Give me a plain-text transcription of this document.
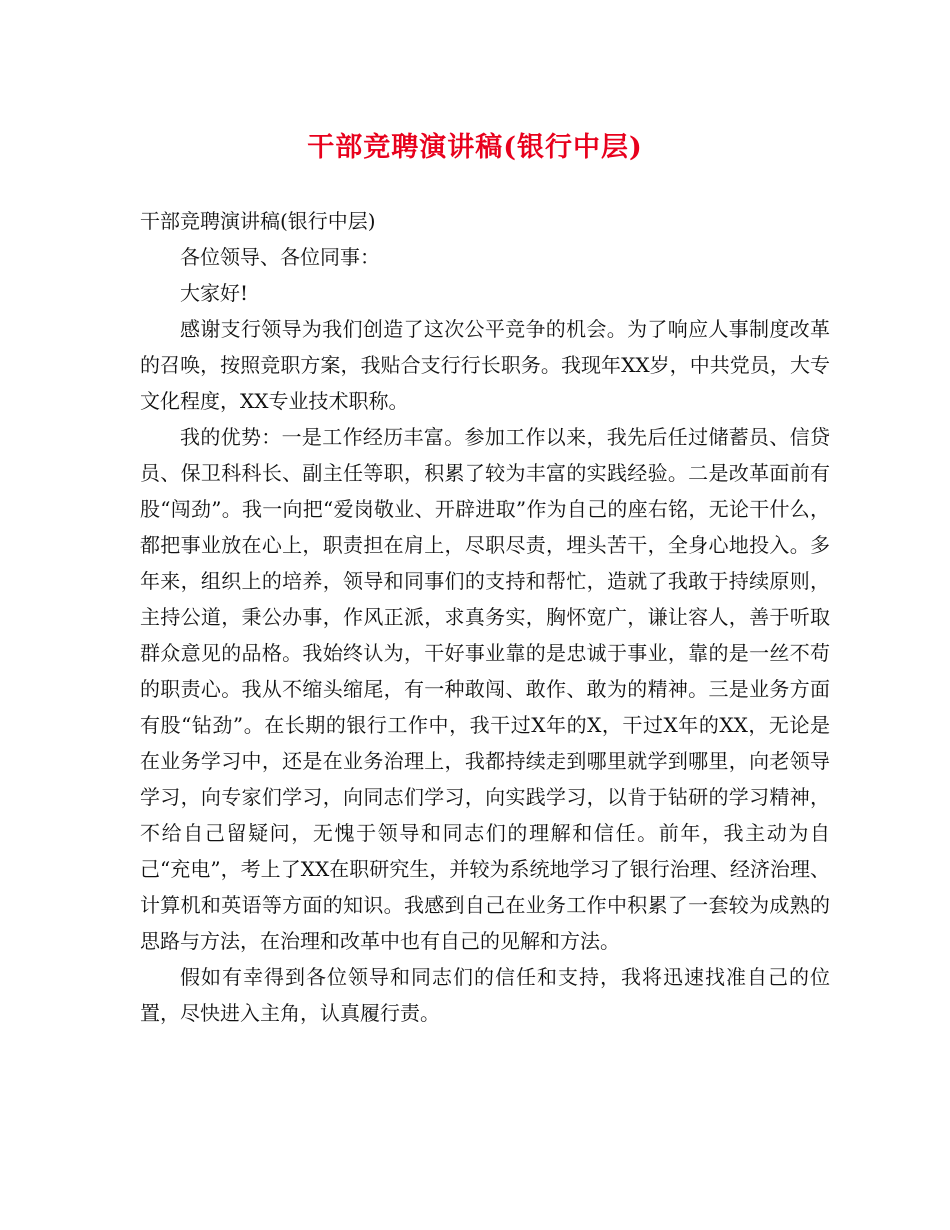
干部竞聘演讲稿(银行中层)

干部竞聘演讲稿(银行中层)

各位领导、各位同事：

大家好!

感谢支行领导为我们创造了这次公平竞争的机会。为了响应人事制度改革的召唤，按照竞职方案，我贴合支行行长职务。我现年XX岁，中共党员，大专文化程度，XX专业技术职称。

我的优势：一是工作经历丰富。参加工作以来，我先后任过储蓄员、信贷员、保卫科科长、副主任等职，积累了较为丰富的实践经验。二是改革面前有股“闯劲”。我一向把“爱岗敬业、开辟进取”作为自己的座右铭，无论干什么，都把事业放在心上，职责担在肩上，尽职尽责，埋头苦干，全身心地投入。多年来，组织上的培养，领导和同事们的支持和帮忙，造就了我敢于持续原则，主持公道，秉公办事，作风正派，求真务实，胸怀宽广，谦让容人，善于听取群众意见的品格。我始终认为，干好事业靠的是忠诚于事业，靠的是一丝不苟的职责心。我从不缩头缩尾，有一种敢闯、敢作、敢为的精神。三是业务方面有股“钻劲”。在长期的银行工作中，我干过X年的X，干过X年的XX，无论是在业务学习中，还是在业务治理上，我都持续走到哪里就学到哪里，向老领导学习，向专家们学习，向同志们学习，向实践学习，以肯于钻研的学习精神，不给自己留疑问，无愧于领导和同志们的理解和信任。前年，我主动为自己“充电”，考上了XX在职研究生，并较为系统地学习了银行治理、经济治理、计算机和英语等方面的知识。我感到自己在业务工作中积累了一套较为成熟的思路与方法，在治理和改革中也有自己的见解和方法。

假如有幸得到各位领导和同志们的信任和支持，我将迅速找准自己的位置，尽快进入主角，认真履行责。
